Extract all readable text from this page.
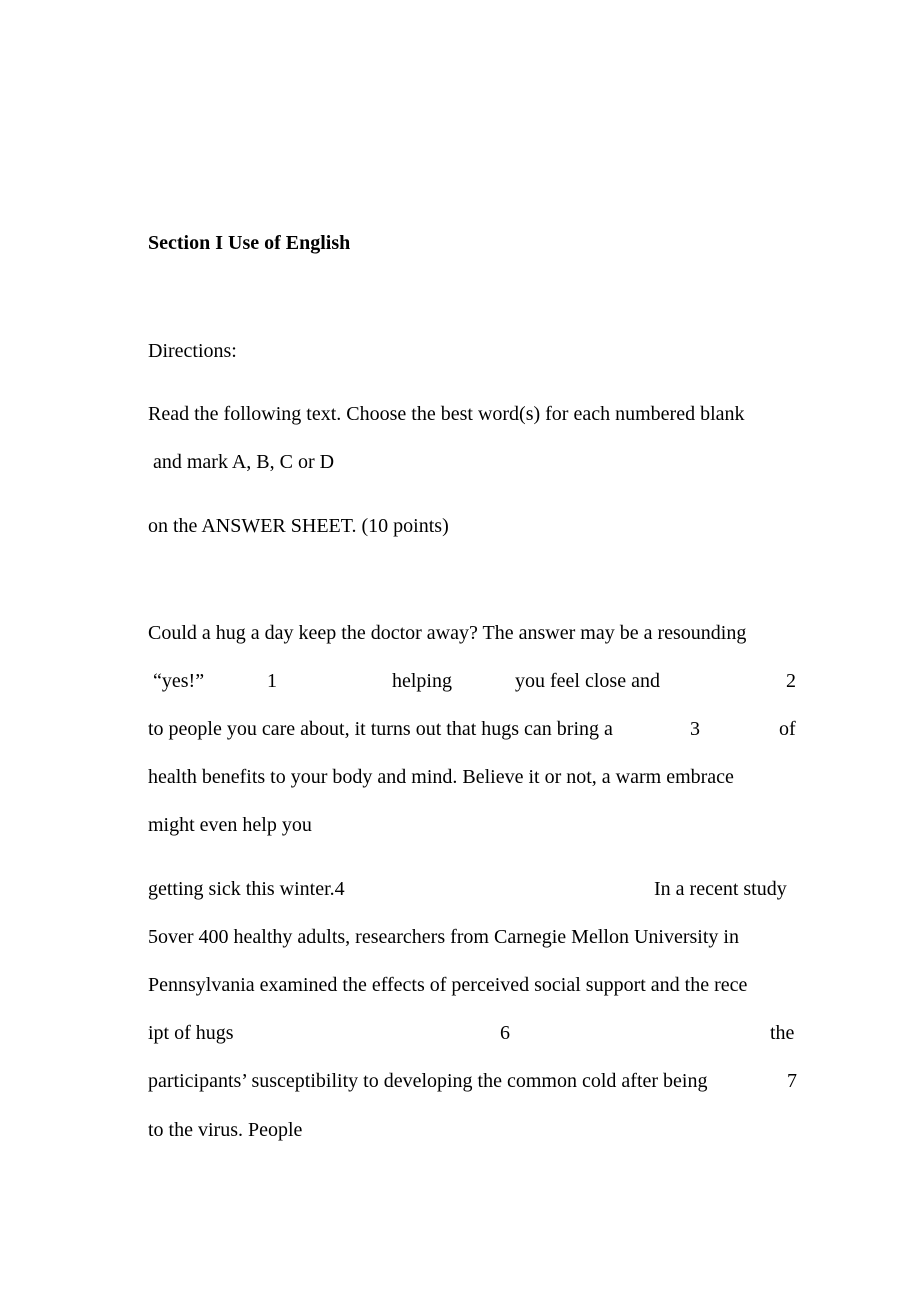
Section I Use of English
Directions:
Read the following text. Choose the best word(s) for each numbered blank
and mark A, B, C or D
on the ANSWER SHEET. (10 points)
Could a hug a day keep the doctor away? The answer may be a resounding
“yes!”	1	helping	you feel close and	2
to people you care about, it turns out that hugs can bring a	3	of
health benefits to your body and mind. Believe it or not, a warm embrace
might even help you
getting sick this winter.4	In a recent study
5over 400 healthy adults, researchers from Carnegie Mellon University in
Pennsylvania examined the effects of perceived social support and the rece
ipt of hugs	6	the
participants’ susceptibility to developing the common cold after being	7
to the virus. People
